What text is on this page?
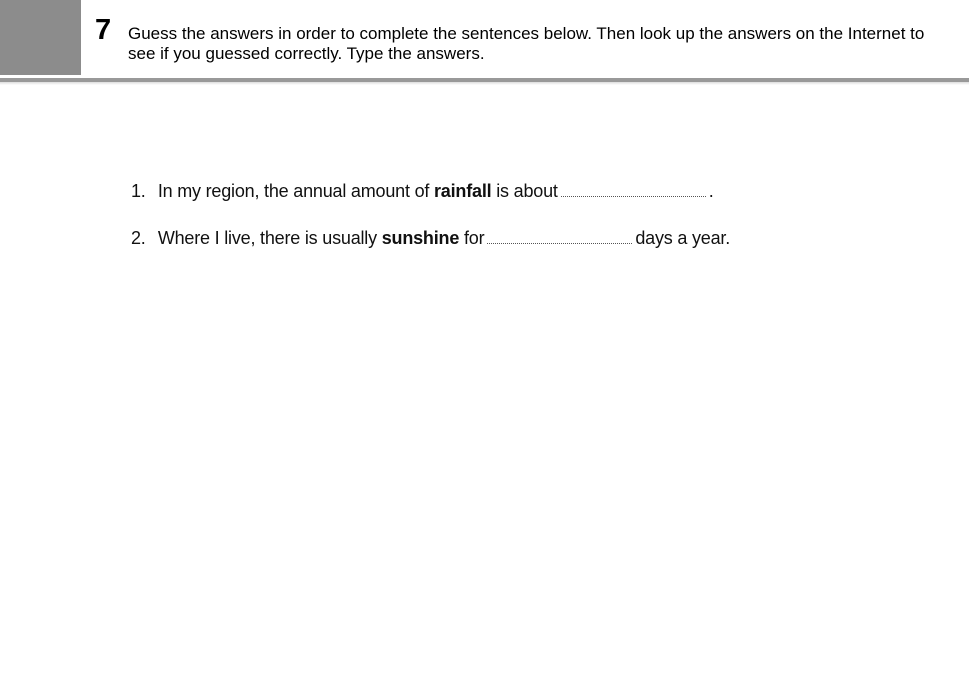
7 Guess the answers in order to complete the sentences below. Then look up the answers on the Internet to see if you guessed correctly. Type the answers.
1. In my region, the annual amount of rainfall is about	.
2. Where I live, there is usually sunshine for	days a year.
